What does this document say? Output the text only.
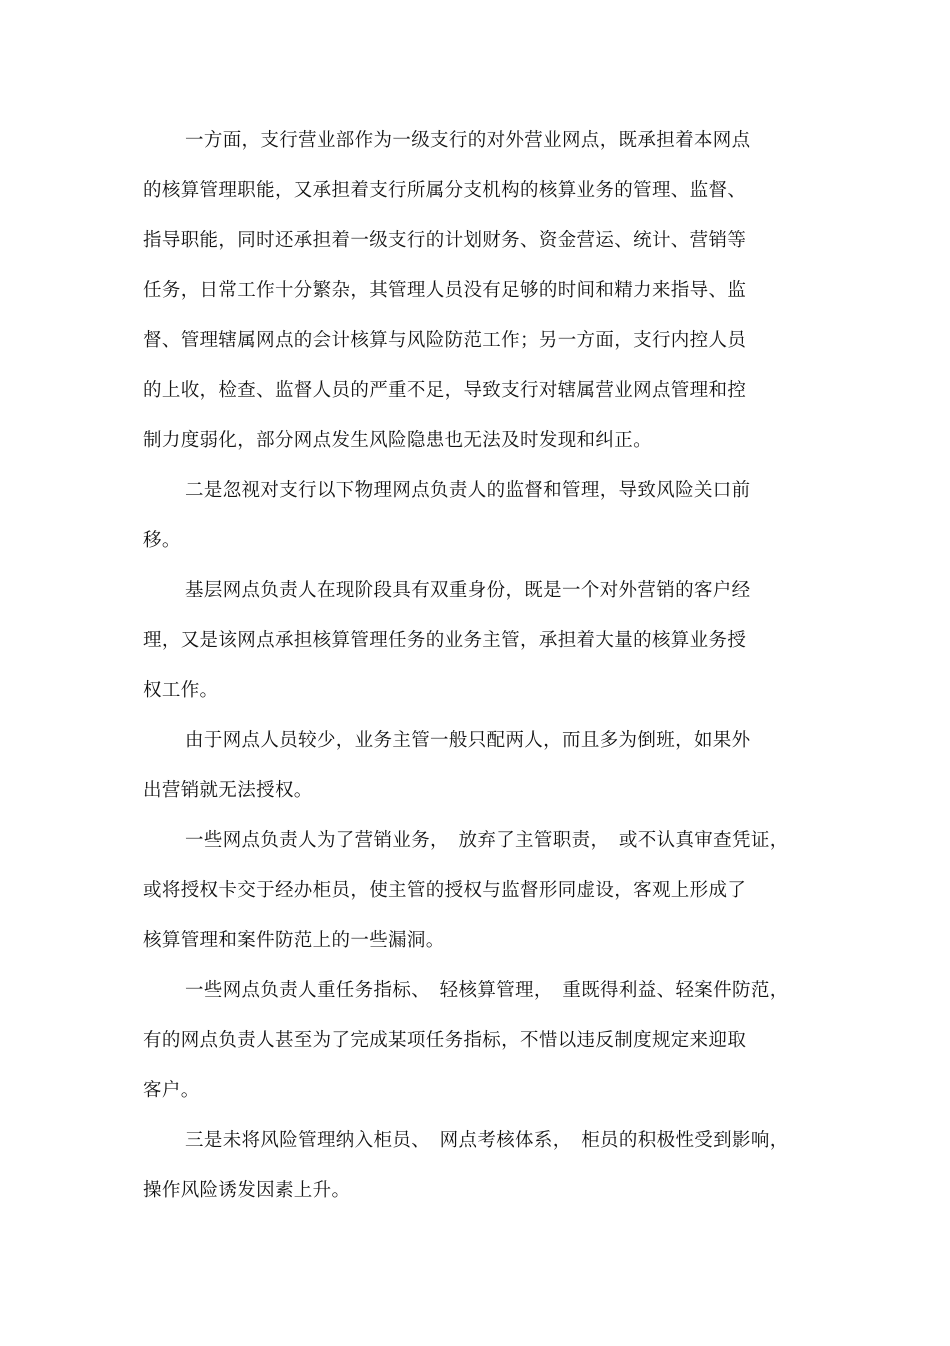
一方面，支行营业部作为一级支行的对外营业网点，既承担着本网点
的核算管理职能，又承担着支行所属分支机构的核算业务的管理、监督、
指导职能，同时还承担着一级支行的计划财务、资金营运、统计、营销等
任务，日常工作十分繁杂，其管理人员没有足够的时间和精力来指导、监
督、管理辖属网点的会计核算与风险防范工作；另一方面，支行内控人员
的上收，检查、监督人员的严重不足，导致支行对辖属营业网点管理和控
制力度弱化，部分网点发生风险隐患也无法及时发现和纠正。
二是忽视对支行以下物理网点负责人的监督和管理，导致风险关口前
移。
基层网点负责人在现阶段具有双重身份，既是一个对外营销的客户经
理，又是该网点承担核算管理任务的业务主管，承担着大量的核算业务授
权工作。
由于网点人员较少，业务主管一般只配两人，而且多为倒班，如果外
出营销就无法授权。
一些网点负责人为了营销业务，　放弃了主管职责，　或不认真审查凭证，
或将授权卡交于经办柜员，使主管的授权与监督形同虚设，客观上形成了
核算管理和案件防范上的一些漏洞。
一些网点负责人重任务指标、　轻核算管理，　重既得利益、轻案件防范，
有的网点负责人甚至为了完成某项任务指标，不惜以违反制度规定来迎取
客户。
三是未将风险管理纳入柜员、　网点考核体系，　柜员的积极性受到影响，
操作风险诱发因素上升。
